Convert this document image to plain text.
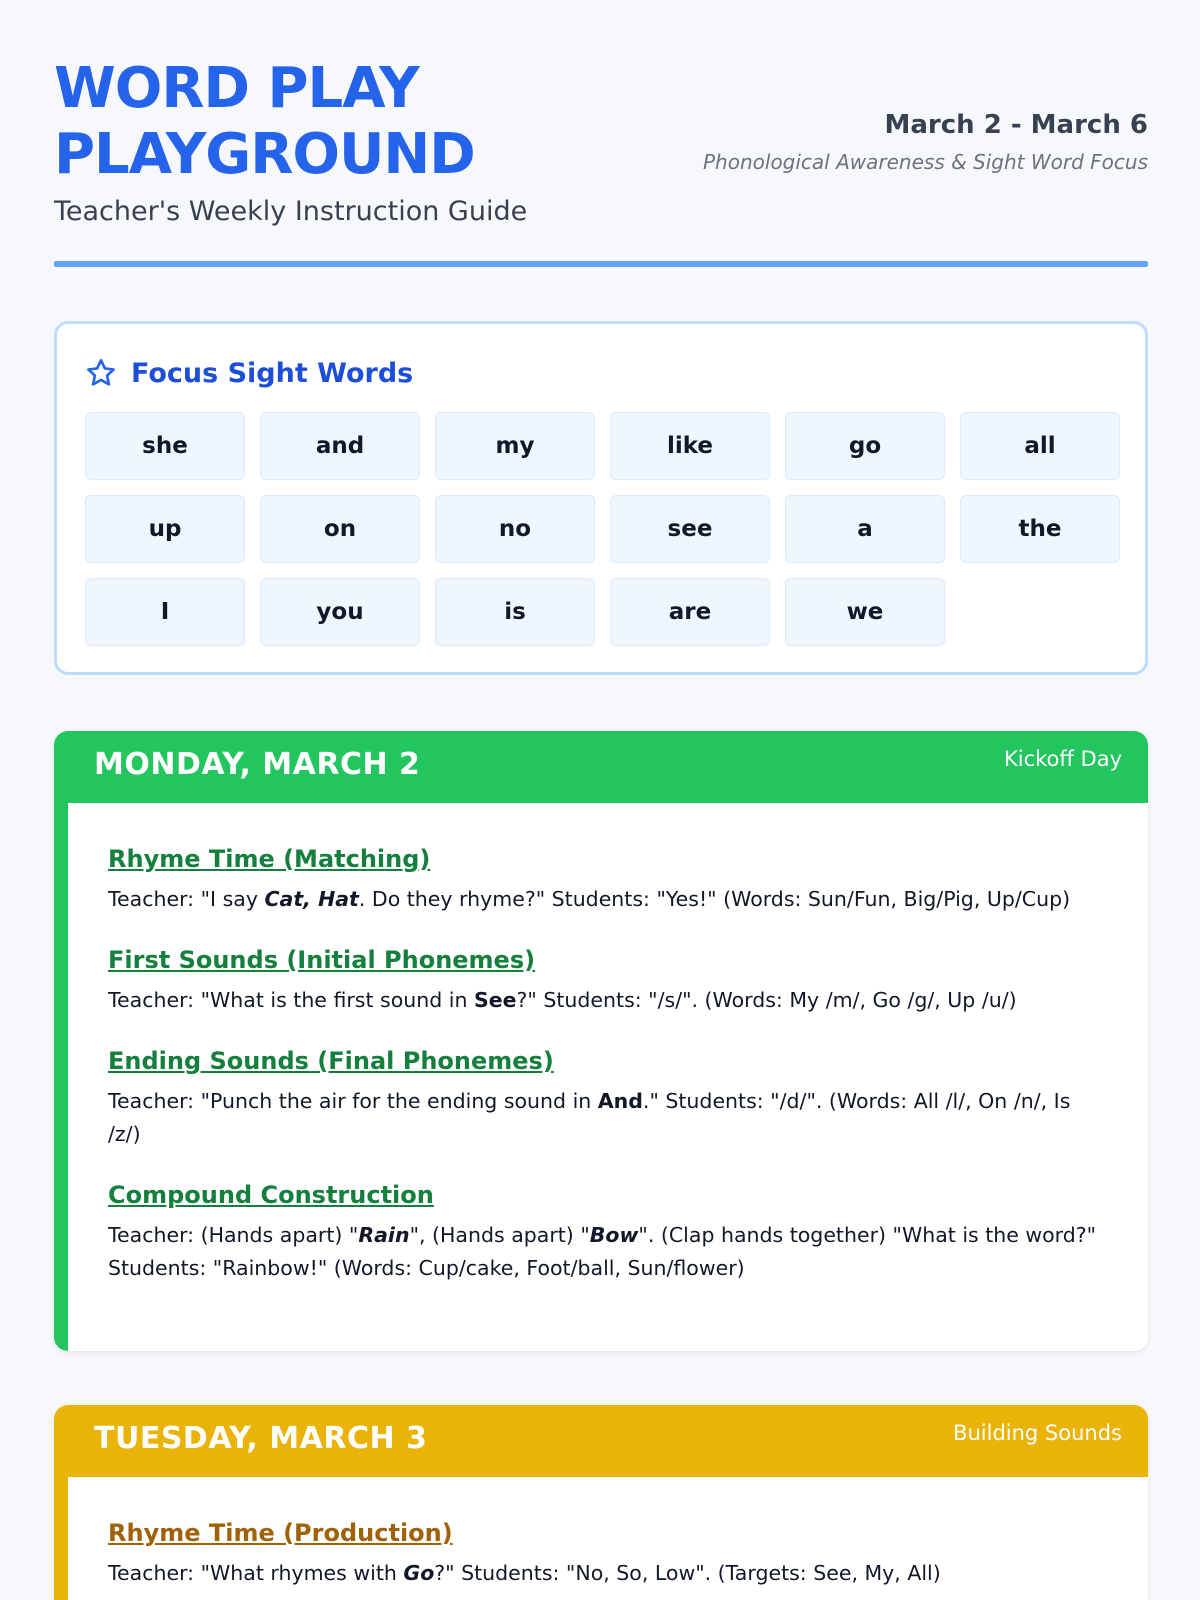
WORD PLAY
PLAYGROUND
Teacher's Weekly Instruction Guide
March 2 - March 6
Phonological Awareness & Sight Word Focus
Focus Sight Words
she	and	my	like	go	all
up	on	no	see	a	the
I	you	is	are	we
MONDAY, MARCH 2	Kickoff Day
Rhyme Time (Matching)
Teacher: "I say Cat, Hat. Do they rhyme?" Students: "Yes!" (Words: Sun/Fun, Big/Pig, Up/Cup)
First Sounds (Initial Phonemes)
Teacher: "What is the first sound in See?" Students: "/s/". (Words: My /m/, Go /g/, Up /u/)
Ending Sounds (Final Phonemes)
Teacher: "Punch the air for the ending sound in And." Students: "/d/". (Words: All /l/, On /n/, Is /z/)
Compound Construction
Teacher: (Hands apart) "Rain", (Hands apart) "Bow". (Clap hands together) "What is the word?" Students: "Rainbow!" (Words: Cup/cake, Foot/ball, Sun/flower)
TUESDAY, MARCH 3	Building Sounds
Rhyme Time (Production)
Teacher: "What rhymes with Go?" Students: "No, So, Low". (Targets: See, My, All)
